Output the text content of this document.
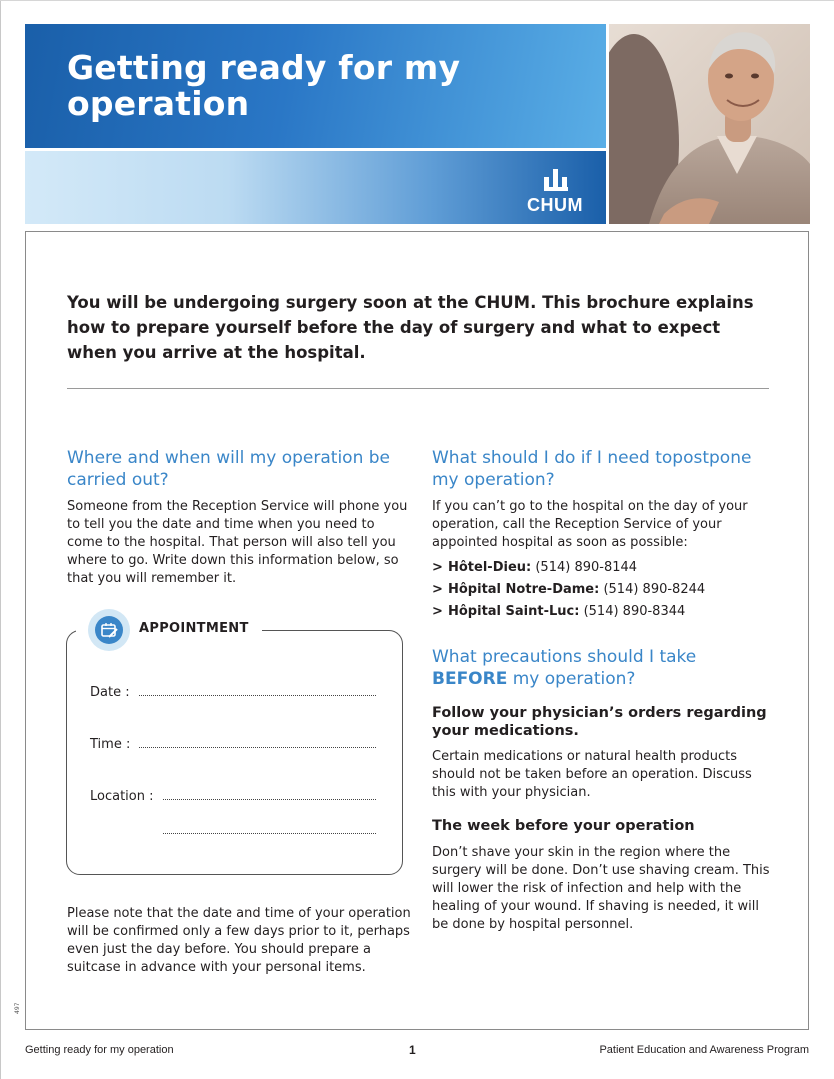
Getting ready for my
operation
CHUM

You will be undergoing surgery soon at the CHUM. This brochure explains how to prepare yourself before the day of surgery and what to expect when you arrive at the hospital.

Where and when will my operation be carried out?

Someone from the Reception Service will phone you to tell you the date and time when you need to come to the hospital. That person will also tell you where to go. Write down this information below, so that you will remember it.

APPOINTMENT

Date :
Time :
Location :

Please note that the date and time of your operation will be confirmed only a few days prior to it, perhaps even just the day before. You should prepare a suitcase in advance with your personal items.

What should I do if I need topostpone my operation?

If you can’t go to the hospital on the day of your operation, call the Reception Service of your appointed hospital as soon as possible:

> Hôtel-Dieu: (514) 890-8144
> Hôpital Notre-Dame: (514) 890-8244
> Hôpital Saint-Luc: (514) 890-8344
What precautions should I take
BEFORE my operation?
Follow your physician’s orders regarding your medications.

Certain medications or natural health products should not be taken before an operation. Discuss this with your physician.

The week before your operation

Don’t shave your skin in the region where the surgery will be done. Don’t use shaving cream. This will lower the risk of infection and help with the healing of your wound. If shaving is needed, it will be done by hospital personnel.

497

Getting ready for my operation	1	Patient Education and Awareness Program
